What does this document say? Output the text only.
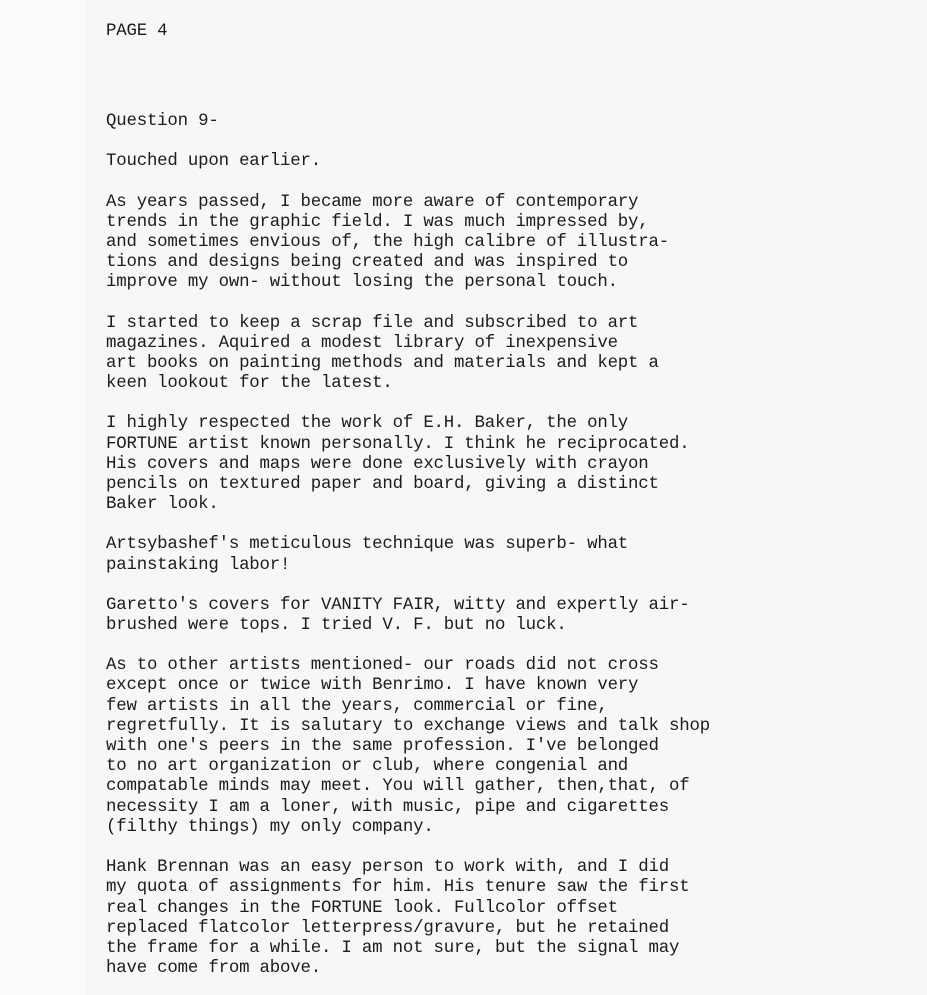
PAGE 4
Question 9-
Touched upon earlier.
As years passed, I became more aware of contemporary
trends in the graphic field. I was much impressed by,
and sometimes envious of, the high calibre of illustra-
tions and designs being created and was inspired to
improve my own- without losing the personal touch.
I started to keep a scrap file and subscribed to art
magazines. Aquired a modest library of inexpensive
art books on painting methods and materials and kept a
keen lookout for the latest.
I highly respected the work of E.H. Baker, the only
FORTUNE artist known personally. I think he reciprocated.
His covers and maps were done exclusively with crayon
pencils on textured paper and board, giving a distinct
Baker look.
Artsybashef's meticulous technique was superb- what
painstaking labor!
Garetto's covers for VANITY FAIR, witty and expertly air-
brushed were tops. I tried V. F. but no luck.
As to other artists mentioned- our roads did not cross
except once or twice with Benrimo. I have known very
few artists in all the years, commercial or fine,
regretfully. It is salutary to exchange views and talk shop
with one's peers in the same profession. I've belonged
to no art organization or club, where congenial and
compatable minds may meet. You will gather, then,that, of
necessity I am a loner, with music, pipe and cigarettes
(filthy things) my only company.
Hank Brennan was an easy person to work with, and I did
my quota of assignments for him. His tenure saw the first
real changes in the FORTUNE look. Fullcolor offset
replaced flatcolor letterpress/gravure, but he retained
the frame for a while. I am not sure, but the signal may
have come from above.
